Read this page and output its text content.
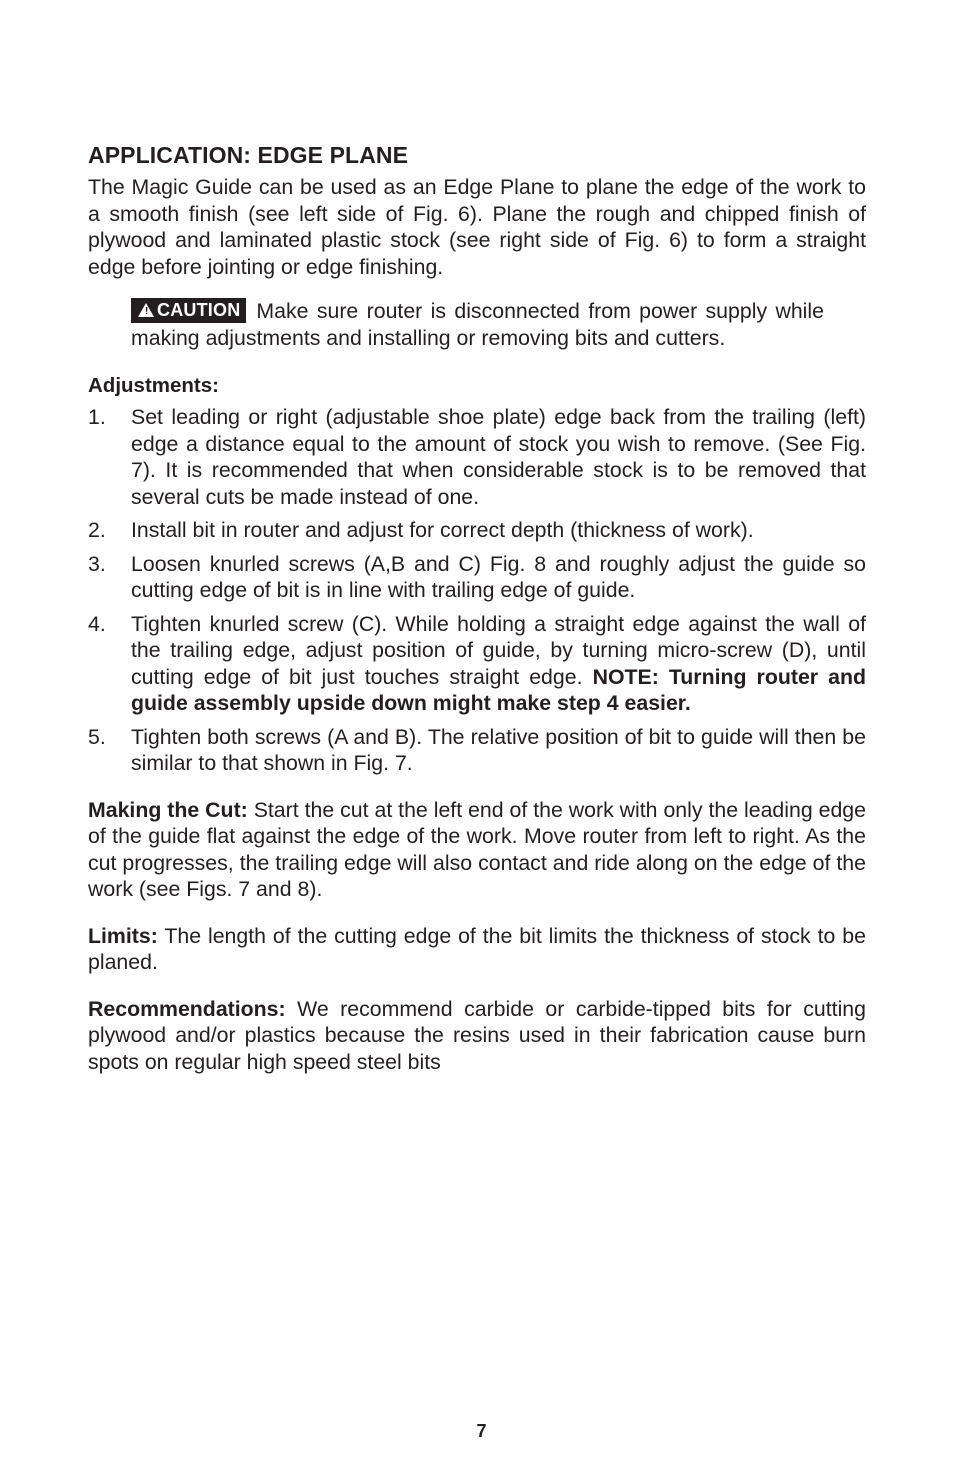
APPLICATION: EDGE PLANE

The Magic Guide can be used as an Edge Plane to plane the edge of the work to a smooth finish (see left side of Fig. 6). Plane the rough and chipped finish of plywood and laminated plastic stock (see right side of Fig. 6) to form a straight edge before jointing or edge finishing.

! CAUTION Make sure router is disconnected from power supply while making adjustments and installing or removing bits and cutters.

Adjustments:
1. Set leading or right (adjustable shoe plate) edge back from the trailing (left) edge a distance equal to the amount of stock you wish to remove. (See Fig. 7). It is recommended that when considerable stock is to be removed that several cuts be made instead of one.
2. Install bit in router and adjust for correct depth (thickness of work).
3. Loosen knurled screws (A,B and C) Fig. 8 and roughly adjust the guide so cutting edge of bit is in line with trailing edge of guide.
4. Tighten knurled screw (C). While holding a straight edge against the wall of the trailing edge, adjust position of guide, by turning micro-screw (D), until cutting edge of bit just touches straight edge. NOTE: Turning router and guide assembly upside down might make step 4 easier.
5. Tighten both screws (A and B). The relative position of bit to guide will then be similar to that shown in Fig. 7.

Making the Cut: Start the cut at the left end of the work with only the leading edge of the guide flat against the edge of the work. Move router from left to right. As the cut progresses, the trailing edge will also contact and ride along on the edge of the work (see Figs. 7 and 8).

Limits: The length of the cutting edge of the bit limits the thickness of stock to be planed.

Recommendations: We recommend carbide or carbide-tipped bits for cutting plywood and/or plastics because the resins used in their fabrication cause burn spots on regular high speed steel bits

7
